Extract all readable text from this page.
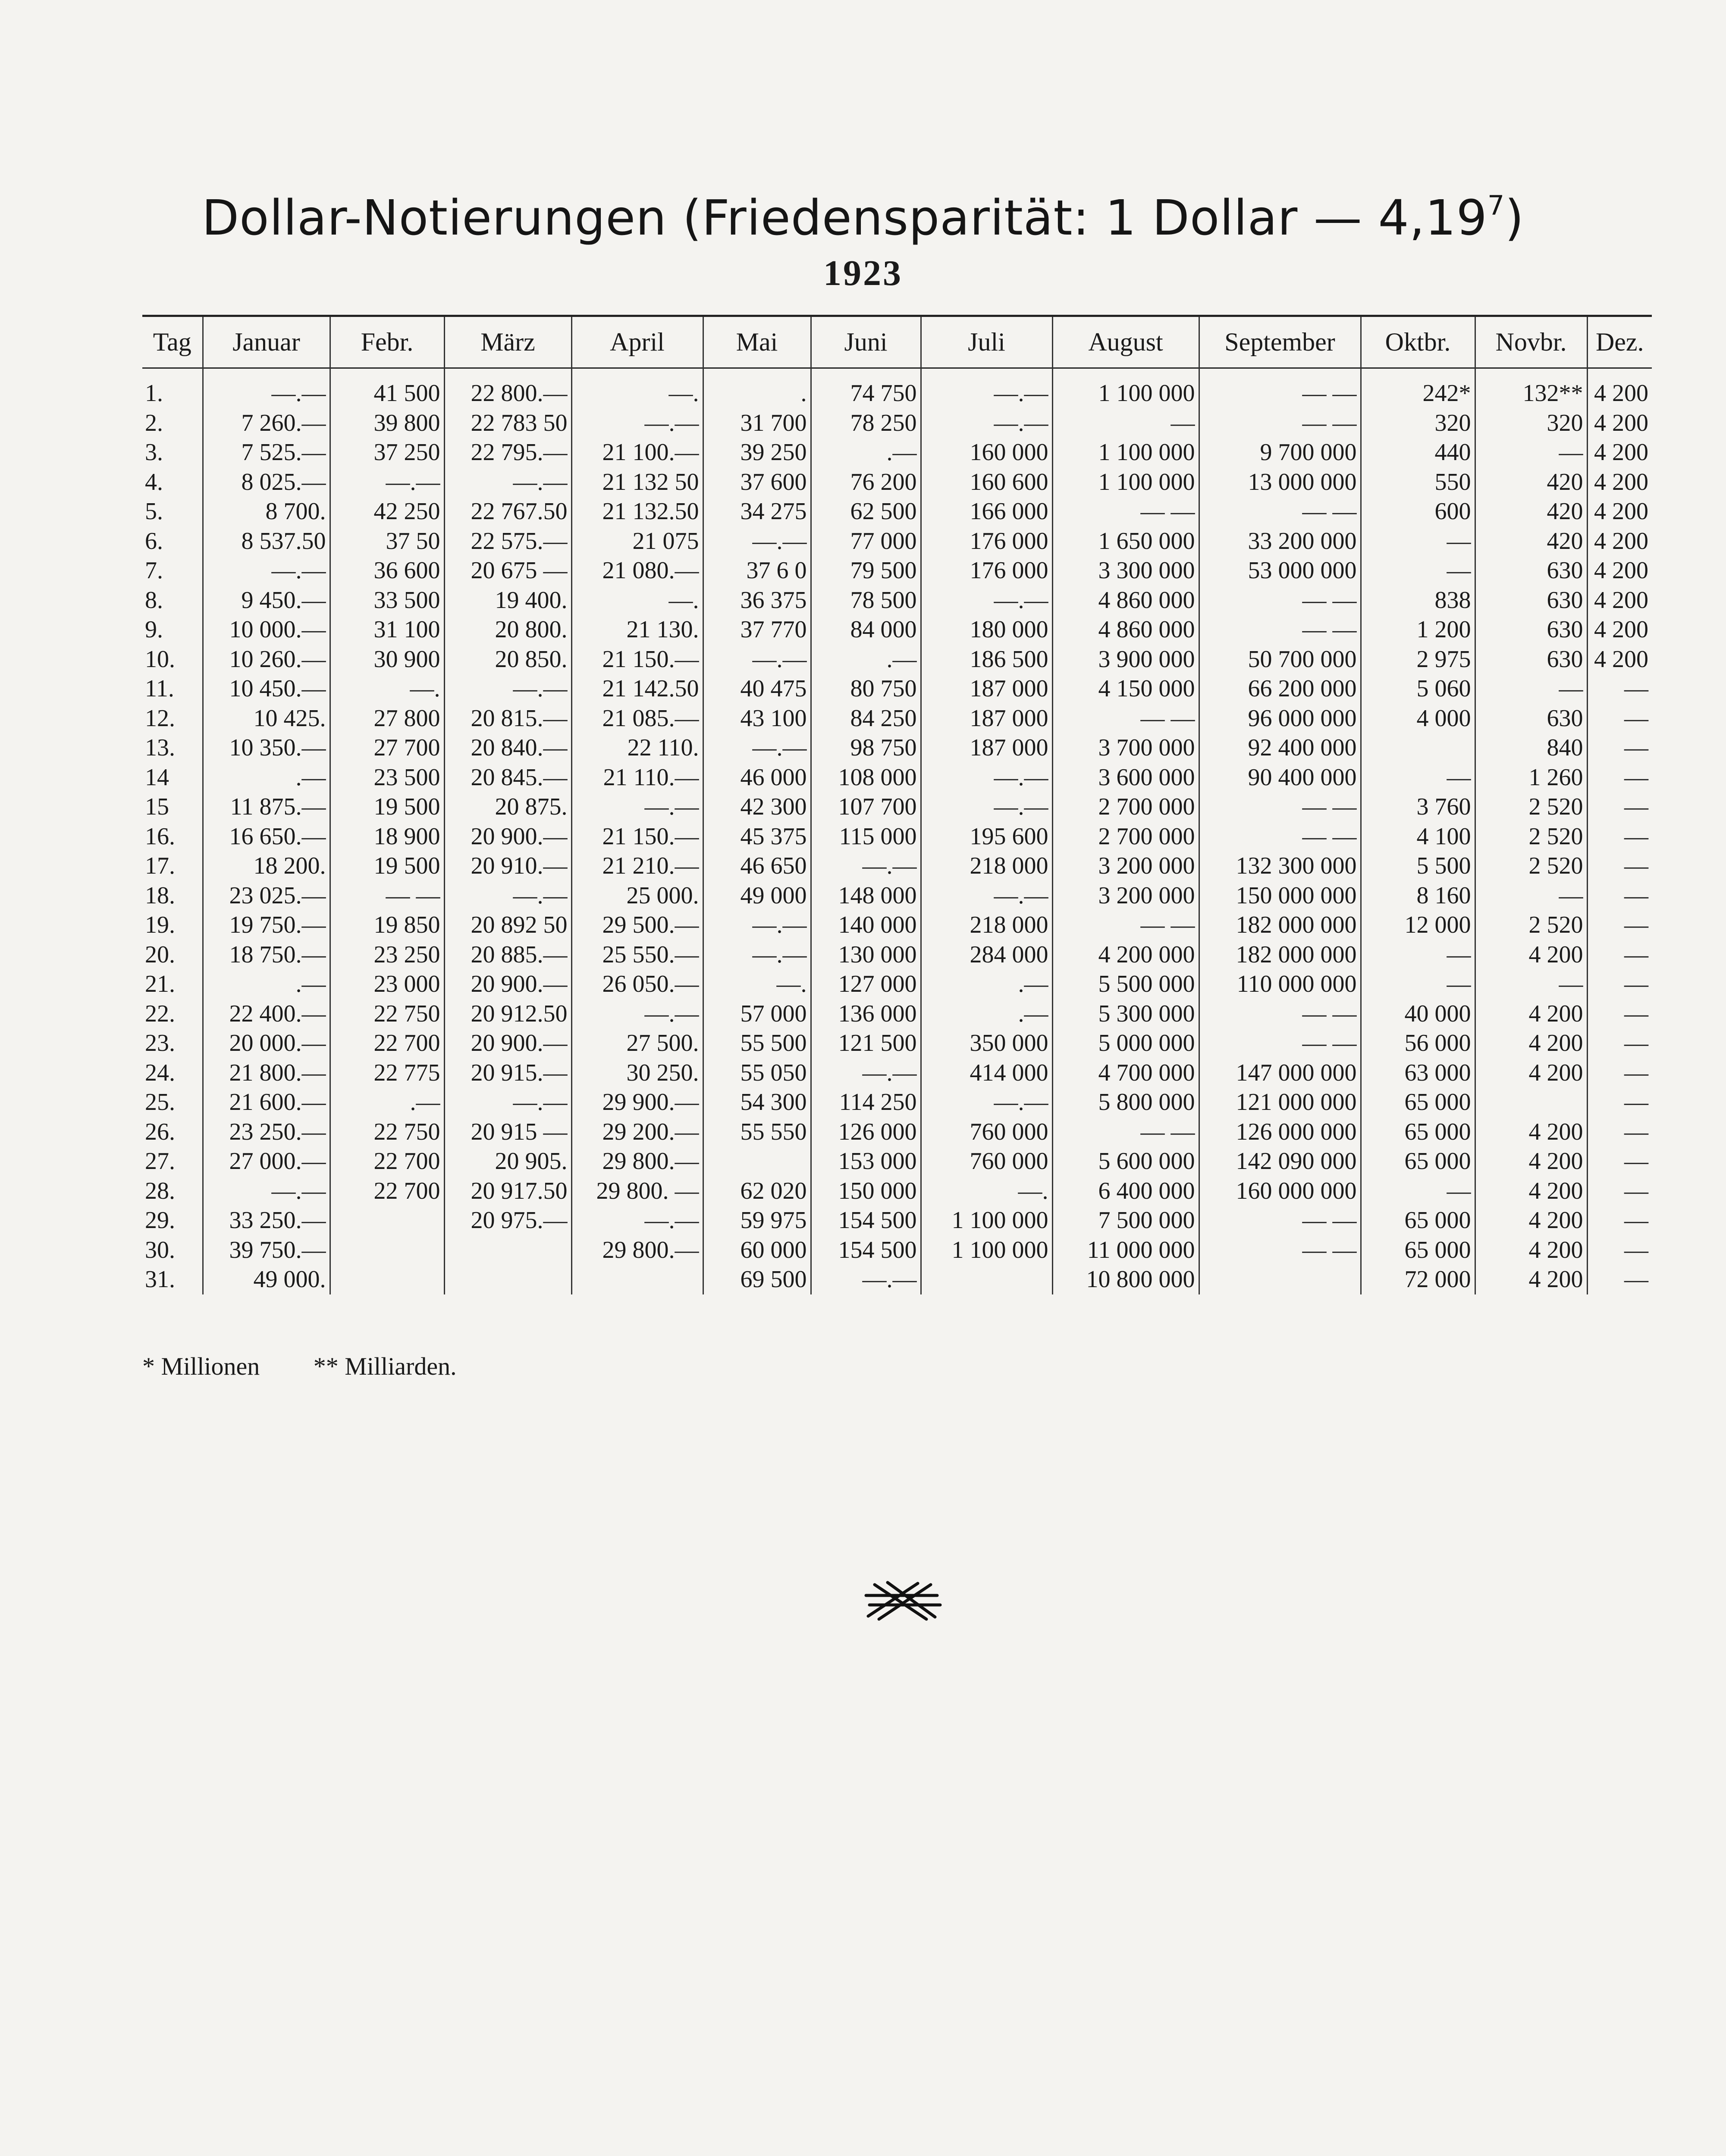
Dollar-Notierungen (Friedensparität: 1 Dollar — 4,19$^7$)
1923
Tag	Januar	Febr.	März	April	Mai	Juni	Juli	August	September	Oktbr.	Novbr.	Dez.

1.	—.—	41 500	22 800.—	—.	.	74 750	—.—	1 100 000	— —	242*	132**	4 200
2.	7 260.—	39 800	22 783 50	—.—	31 700	78 250	—.—	—	— —	320	320	4 200
3.	7 525.—	37 250	22 795.—	21 100.—	39 250	.—	160 000	1 100 000	9 700 000	440	—	4 200
4.	8 025.—	—.—	—.—	21 132 50	37 600	76 200	160 600	1 100 000	13 000 000	550	420	4 200
5.	8 700.	42 250	22 767.50	21 132.50	34 275	62 500	166 000	— —	— —	600	420	4 200
6.	8 537.50	37 50	22 575.—	21 075	—.—	77 000	176 000	1 650 000	33 200 000	—	420	4 200
7.	—.—	36 600	20 675 —	21 080.—	37 6 0	79 500	176 000	3 300 000	53 000 000	—	630	4 200
8.	9 450.—	33 500	19 400.	—.	36 375	78 500	—.—	4 860 000	— —	838	630	4 200
9.	10 000.—	31 100	20 800.	21 130.	37 770	84 000	180 000	4 860 000	— —	1 200	630	4 200
10.	10 260.—	30 900	20 850.	21 150.—	—.—	.—	186 500	3 900 000	50 700 000	2 975	630	4 200
11.	10 450.—	—.	—.—	21 142.50	40 475	80 750	187 000	4 150 000	66 200 000	5 060	—	—
12.	10 425.	27 800	20 815.—	21 085.—	43 100	84 250	187 000	— —	96 000 000	4 000	630	—
13.	10 350.—	27 700	20 840.—	22 110.	—.—	98 750	187 000	3 700 000	92 400 000		840	—
14	.—	23 500	20 845.—	21 110.—	46 000	108 000	—.—	3 600 000	90 400 000	—	1 260	—
15	11 875.—	19 500	20 875.	—.—	42 300	107 700	—.—	2 700 000	— —	3 760	2 520	—
16.	16 650.—	18 900	20 900.—	21 150.—	45 375	115 000	195 600	2 700 000	— —	4 100	2 520	—
17.	18 200.	19 500	20 910.—	21 210.—	46 650	—.—	218 000	3 200 000	132 300 000	5 500	2 520	—
18.	23 025.—	— —	—.—	25 000.	49 000	148 000	—.—	3 200 000	150 000 000	8 160	—	—
19.	19 750.—	19 850	20 892 50	29 500.—	—.—	140 000	218 000	— —	182 000 000	12 000	2 520	—
20.	18 750.—	23 250	20 885.—	25 550.—	—.—	130 000	284 000	4 200 000	182 000 000	—	4 200	—
21.	.—	23 000	20 900.—	26 050.—	—.	127 000	.—	5 500 000	110 000 000	—	—	—
22.	22 400.—	22 750	20 912.50	—.—	57 000	136 000	.—	5 300 000	— —	40 000	4 200	—
23.	20 000.—	22 700	20 900.—	27 500.	55 500	121 500	350 000	5 000 000	— —	56 000	4 200	—
24.	21 800.—	22 775	20 915.—	30 250.	55 050	—.—	414 000	4 700 000	147 000 000	63 000	4 200	—
25.	21 600.—	.—	—.—	29 900.—	54 300	114 250	—.—	5 800 000	121 000 000	65 000		—
26.	23 250.—	22 750	20 915 —	29 200.—	55 550	126 000	760 000	— —	126 000 000	65 000	4 200	—
27.	27 000.—	22 700	20 905.	29 800.—		153 000	760 000	5 600 000	142 090 000	65 000	4 200	—
28.	—.—	22 700	20 917.50	29 800. —	62 020	150 000	—.	6 400 000	160 000 000	—	4 200	—
29.	33 250.—		20 975.—	—.—	59 975	154 500	1 100 000	7 500 000	— —	65 000	4 200	—
30.	39 750.—			29 800.—	60 000	154 500	1 100 000	11 000 000	— —	65 000	4 200	—
31.	49 000.				69 500	—.—		10 800 000		72 000	4 200	—
* Millionen ** Milliarden.
